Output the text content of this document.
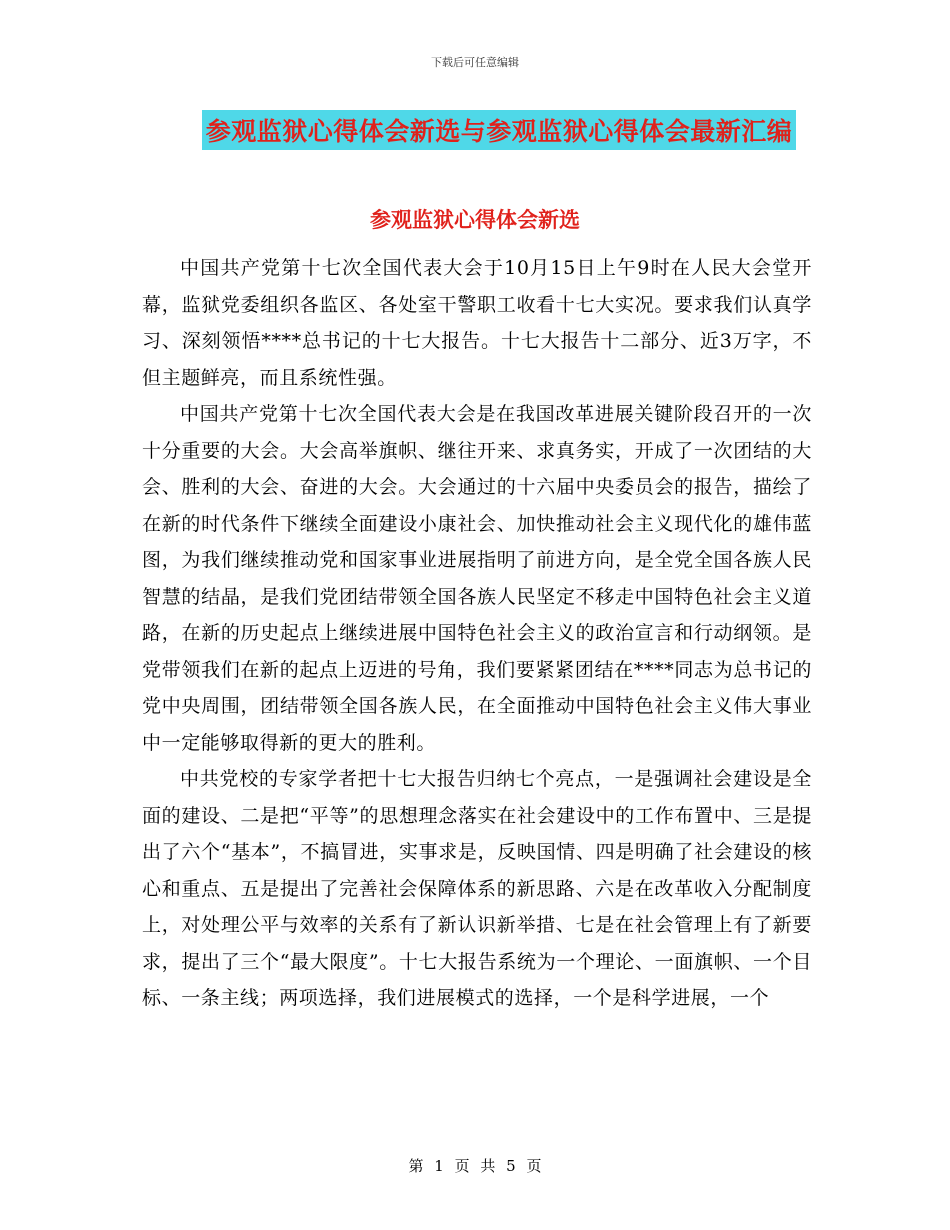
下载后可任意编辑
参观监狱心得体会新选与参观监狱心得体会最新汇编
参观监狱心得体会新选

中国共产党第十七次全国代表大会于10月15日上午9时在人民大会堂开幕，监狱党委组织各监区、各处室干警职工收看十七大实况。要求我们认真学习、深刻领悟****总书记的十七大报告。十七大报告十二部分、近3万字，不但主题鲜亮，而且系统性强。

中国共产党第十七次全国代表大会是在我国改革进展关键阶段召开的一次十分重要的大会。大会高举旗帜、继往开来、求真务实，开成了一次团结的大会、胜利的大会、奋进的大会。大会通过的十六届中央委员会的报告，描绘了在新的时代条件下继续全面建设小康社会、加快推动社会主义现代化的雄伟蓝图，为我们继续推动党和国家事业进展指明了前进方向，是全党全国各族人民智慧的结晶，是我们党团结带领全国各族人民坚定不移走中国特色社会主义道路，在新的历史起点上继续进展中国特色社会主义的政治宣言和行动纲领。是党带领我们在新的起点上迈进的号角，我们要紧紧团结在****同志为总书记的党中央周围，团结带领全国各族人民，在全面推动中国特色社会主义伟大事业中一定能够取得新的更大的胜利。

中共党校的专家学者把十七大报告归纳七个亮点，一是强调社会建设是全面的建设、二是把“平等”的思想理念落实在社会建设中的工作布置中、三是提出了六个“基本”，不搞冒进，实事求是，反映国情、四是明确了社会建设的核心和重点、五是提出了完善社会保障体系的新思路、六是在改革收入分配制度上，对处理公平与效率的关系有了新认识新举措、七是在社会管理上有了新要求，提出了三个“最大限度”。十七大报告系统为一个理论、一面旗帜、一个目标、一条主线；两项选择，我们进展模式的选择，一个是科学进展，一个

第 1 页 共 5 页
